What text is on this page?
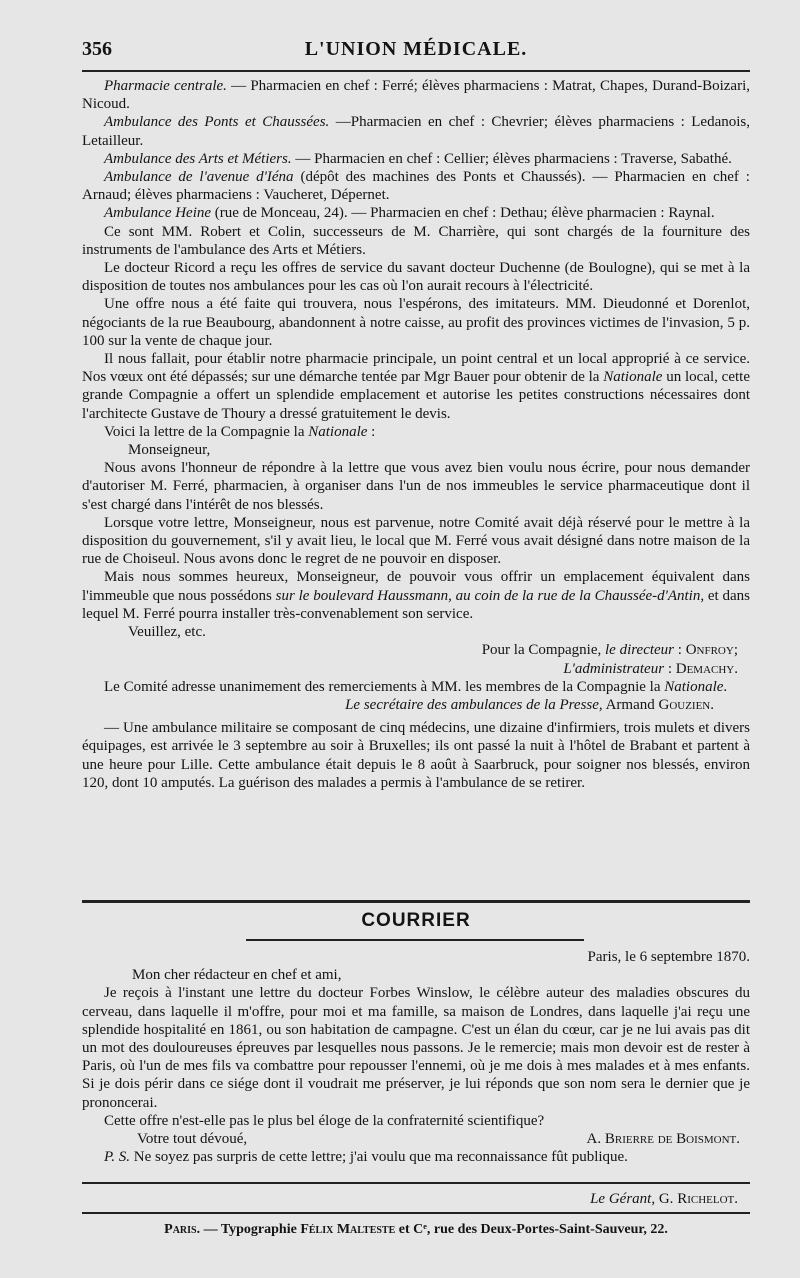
356	L'UNION MÉDICALE.

Pharmacie centrale. — Pharmacien en chef : Ferré; élèves pharmaciens : Matrat, Chapes, Durand-Boizari, Nicoud.

Ambulance des Ponts et Chaussées. —Pharmacien en chef : Chevrier; élèves pharmaciens : Ledanois, Letailleur.

Ambulance des Arts et Métiers. — Pharmacien en chef : Cellier; élèves pharmaciens : Traverse, Sabathé.

Ambulance de l'avenue d'Iéna (dépôt des machines des Ponts et Chaussés). — Pharmacien en chef : Arnaud; élèves pharmaciens : Vaucheret, Dépernet.

Ambulance Heine (rue de Monceau, 24). — Pharmacien en chef : Dethau; élève pharmacien : Raynal.

Ce sont MM. Robert et Colin, successeurs de M. Charrière, qui sont chargés de la fourniture des instruments de l'ambulance des Arts et Métiers.

Le docteur Ricord a reçu les offres de service du savant docteur Duchenne (de Boulogne), qui se met à la disposition de toutes nos ambulances pour les cas où l'on aurait recours à l'électricité.

Une offre nous a été faite qui trouvera, nous l'espérons, des imitateurs. MM. Dieudonné et Dorenlot, négociants de la rue Beaubourg, abandonnent à notre caisse, au profit des provinces victimes de l'invasion, 5 p. 100 sur la vente de chaque jour.

Il nous fallait, pour établir notre pharmacie principale, un point central et un local approprié à ce service. Nos vœux ont été dépassés; sur une démarche tentée par Mgr Bauer pour obtenir de la Nationale un local, cette grande Compagnie a offert un splendide emplacement et autorise les petites constructions nécessaires dont l'architecte Gustave de Thoury a dressé gratuitement le devis.

Voici la lettre de la Compagnie la Nationale :

Monseigneur,

Nous avons l'honneur de répondre à la lettre que vous avez bien voulu nous écrire, pour nous demander d'autoriser M. Ferré, pharmacien, à organiser dans l'un de nos immeubles le service pharmaceutique dont il s'est chargé dans l'intérêt de nos blessés.

Lorsque votre lettre, Monseigneur, nous est parvenue, notre Comité avait déjà réservé pour le mettre à la disposition du gouvernement, s'il y avait lieu, le local que M. Ferré vous avait désigné dans notre maison de la rue de Choiseul. Nous avons donc le regret de ne pouvoir en disposer.

Mais nous sommes heureux, Monseigneur, de pouvoir vous offrir un emplacement équivalent dans l'immeuble que nous possédons sur le boulevard Haussmann, au coin de la rue de la Chaussée-d'Antin, et dans lequel M. Ferré pourra installer très-convenablement son service.

Veuillez, etc.

Pour la Compagnie, le directeur : Onfroy;

L'administrateur : Demachy.

Le Comité adresse unanimement des remerciements à MM. les membres de la Compagnie la Nationale.

Le secrétaire des ambulances de la Presse, Armand Gouzien.

— Une ambulance militaire se composant de cinq médecins, une dizaine d'infirmiers, trois mulets et divers équipages, est arrivée le 3 septembre au soir à Bruxelles; ils ont passé la nuit à l'hôtel de Brabant et partent à une heure pour Lille. Cette ambulance était depuis le 8 août à Saarbruck, pour soigner nos blessés, environ 120, dont 10 amputés. La guérison des malades a permis à l'ambulance de se retirer.

COURRIER

Paris, le 6 septembre 1870.

Mon cher rédacteur en chef et ami,

Je reçois à l'instant une lettre du docteur Forbes Winslow, le célèbre auteur des maladies obscures du cerveau, dans laquelle il m'offre, pour moi et ma famille, sa maison de Londres, dans laquelle j'ai reçu une splendide hospitalité en 1861, ou son habitation de campagne. C'est un élan du cœur, car je ne lui avais pas dit un mot des douloureuses épreuves par lesquelles nous passons. Je le remercie; mais mon devoir est de rester à Paris, où l'un de mes fils va combattre pour repousser l'ennemi, où je me dois à mes malades et à mes enfants. Si je dois périr dans ce siége dont il voudrait me préserver, je lui réponds que son nom sera le dernier que je prononcerai.

Cette offre n'est-elle pas le plus bel éloge de la confraternité scientifique?

Votre tout dévoué,	A. Brierre de Boismont.

P. S. Ne soyez pas surpris de cette lettre; j'ai voulu que ma reconnaissance fût publique.

Le Gérant, G. Richelot.

Paris. — Typographie Félix Malteste et Cᵉ, rue des Deux-Portes-Saint-Sauveur, 22.
